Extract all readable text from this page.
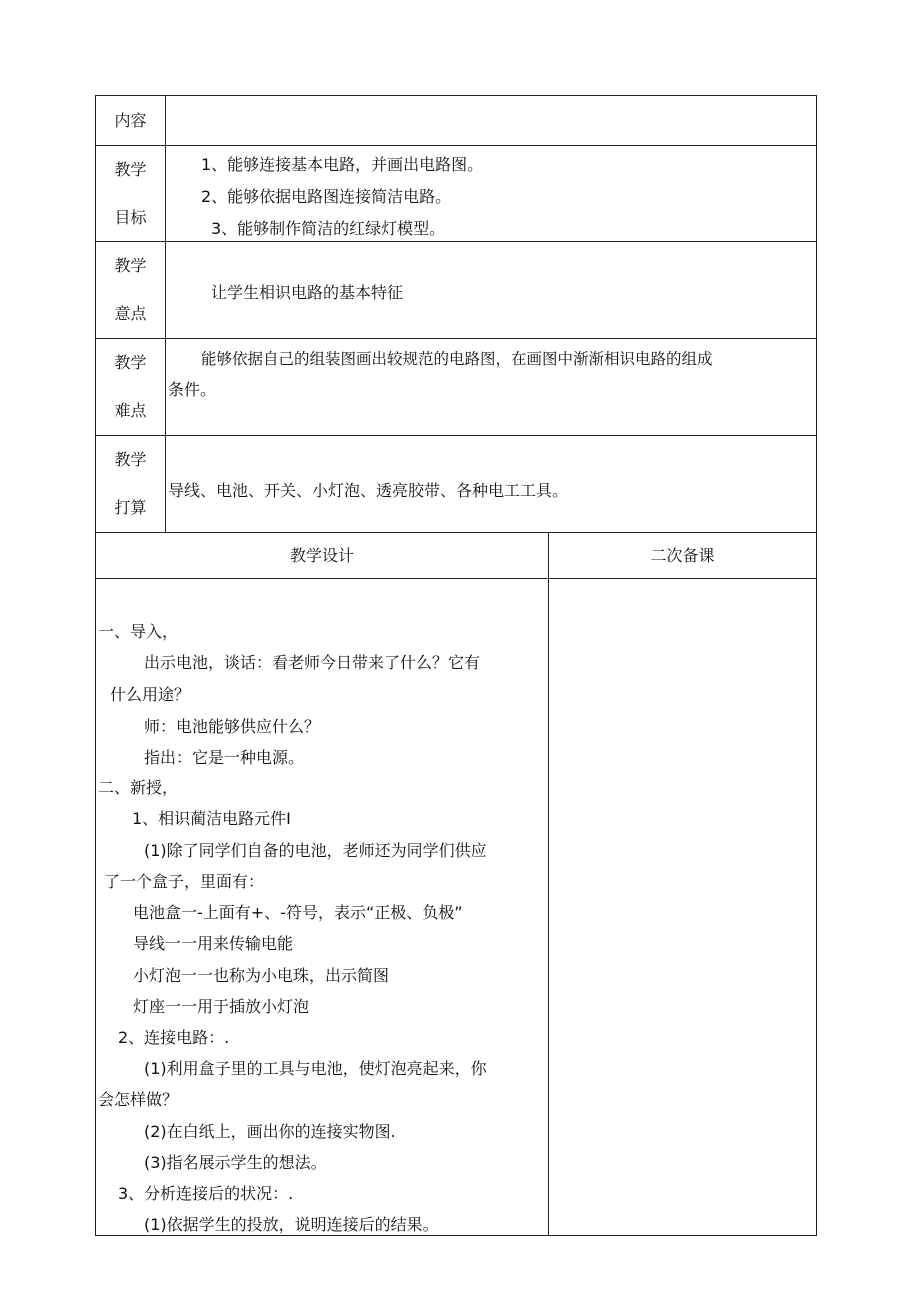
内容
教学
目标
1、能够连接基本电路，并画出电路图。
2、能够依据电路图连接简洁电路。
3、能够制作简洁的红绿灯模型。
教学
意点
让学生相识电路的基本特征
教学
难点
能够依据自己的组装图画出较规范的电路图，在画图中渐渐相识电路的组成
条件。
教学
打算
导线、电池、开关、小灯泡、透亮胶带、各种电工工具。
教学设计	二次备课
一、导入，
出示电池，谈话：看老师今日带来了什么？它有
什么用途？
师：电池能够供应什么？
指出：它是一种电源。
二、新授，
1、相识蔺洁电路元件I
(1)除了同学们自备的电池，老师还为同学们供应
了一个盒子，里面有：
电池盒一-上面有+、-符号，表示“正极、负极”
导线一一用来传输电能
小灯泡一一也称为小电珠，出示简图
灯座一一用于插放小灯泡
2、连接电路：.
(1)利用盒子里的工具与电池，使灯泡亮起来，你
会怎样做？
(2)在白纸上，画出你的连接实物图.
(3)指名展示学生的想法。
3、分析连接后的状况：.
(1)依据学生的投放，说明连接后的结果。
